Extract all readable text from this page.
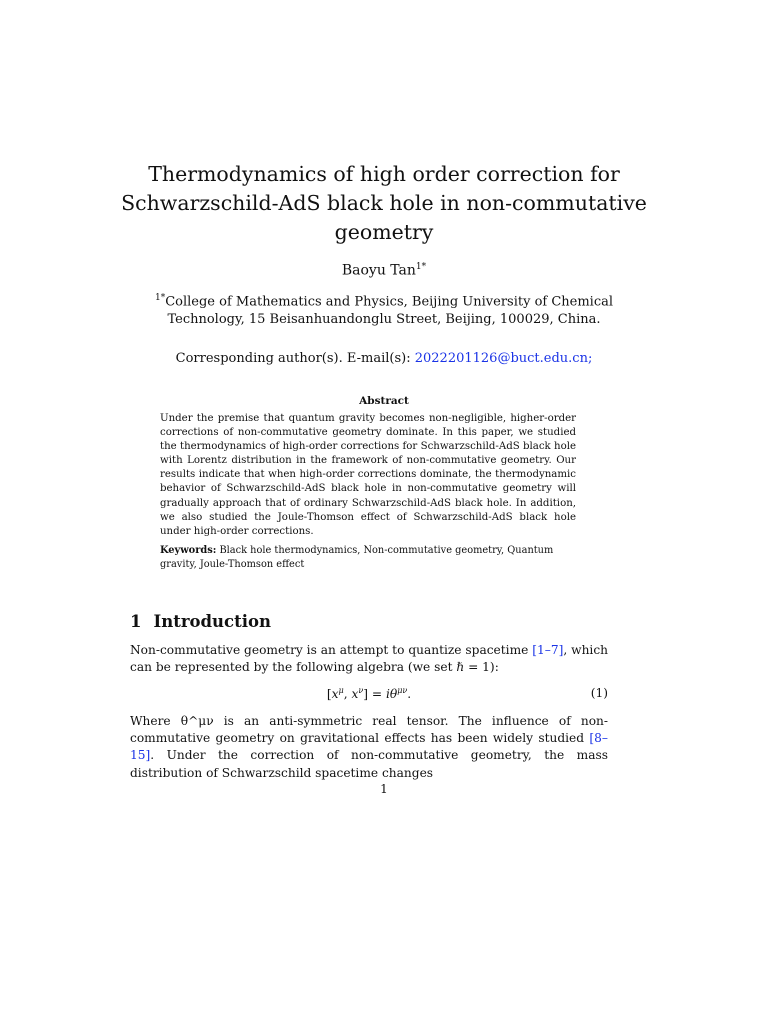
Thermodynamics of high order correction for
Schwarzschild-AdS black hole in non-commutative
geometry
Baoyu Tan$^{1*}$
$^{1*}$College of Mathematics and Physics, Beijing University of Chemical
Technology, 15 Beisanhuandonglu Street, Beijing, 100029, China.
Corresponding author(s). E-mail(s): 2022201126@buct.edu.cn;
Abstract
Under the premise that quantum gravity becomes non-negligible, higher-order corrections of non-commutative geometry dominate. In this paper, we studied the thermodynamics of high-order corrections for Schwarzschild-AdS black hole with Lorentz distribution in the framework of non-commutative geometry. Our results indicate that when high-order corrections dominate, the thermodynamic behavior of Schwarzschild-AdS black hole in non-commutative geometry will gradually approach that of ordinary Schwarzschild-AdS black hole. In addition, we also studied the Joule-Thomson effect of Schwarzschild-AdS black hole under high-order corrections.
Keywords: Black hole thermodynamics, Non-commutative geometry, Quantum gravity, Joule-Thomson effect
1 Introduction
Non-commutative geometry is an attempt to quantize spacetime [1–7], which can be represented by the following algebra (we set ℏ = 1):
[$x^\mu$, $x^\nu] = i\theta^{\mu\nu}$.	(1)
Where θ^μν is an anti-symmetric real tensor. The influence of non-commutative geometry on gravitational effects has been widely studied [8–15]. Under the correction of non-commutative geometry, the mass distribution of Schwarzschild spacetime changes
1
